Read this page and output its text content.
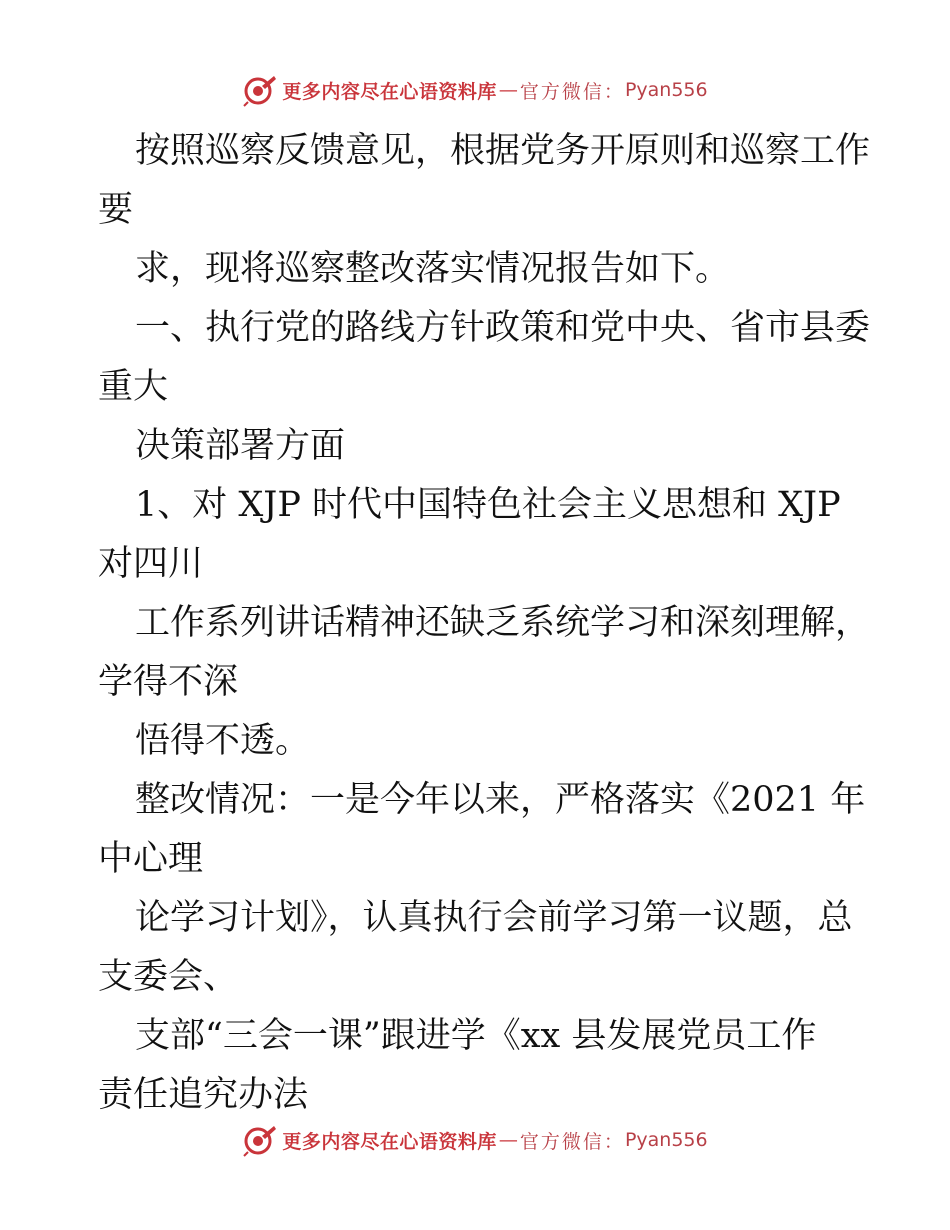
更多内容尽在心语资料库 — 官方微信： Pyan556
按照巡察反馈意见，根据党务开原则和巡察工作
要
求，现将巡察整改落实情况报告如下。
一、执行党的路线方针政策和党中央、省市县委
重大
决策部署方面
1、对 XJP 时代中国特色社会主义思想和 XJP
对四川
工作系列讲话精神还缺乏系统学习和深刻理解，
学得不深
悟得不透。
整改情况：一是今年以来，严格落实《2021 年
中心理
论学习计划》，认真执行会前学习第一议题，总
支委会、
支部“三会一课”跟进学《xx 县发展党员工作
责任追究办法
更多内容尽在心语资料库 — 官方微信： Pyan556
